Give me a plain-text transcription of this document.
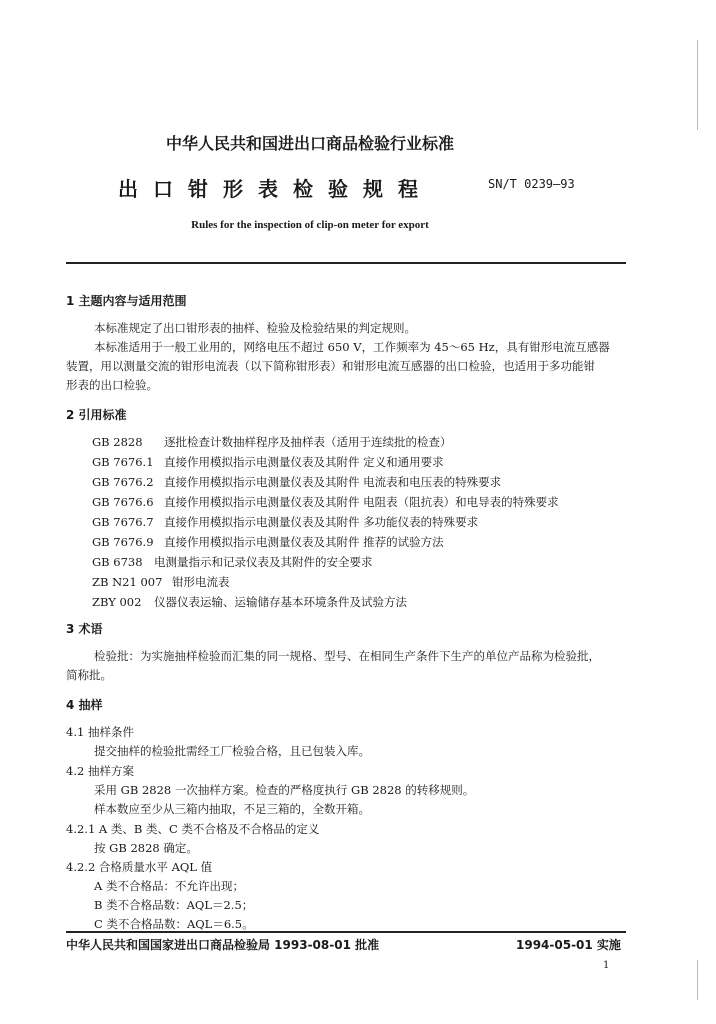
中华人民共和国进出口商品检验行业标准
出口钳形表检验规程	SN/T 0239—93
Rules for the inspection of clip-on meter for export
1 主题内容与适用范围
本标准规定了出口钳形表的抽样、检验及检验结果的判定规则。
本标准适用于一般工业用的，网络电压不超过 650 V，工作频率为 45～65 Hz，具有钳形电流互感器
装置，用以测量交流的钳形电流表（以下简称钳形表）和钳形电流互感器的出口检验，也适用于多功能钳
形表的出口检验。
2 引用标准
GB 2828 逐批检查计数抽样程序及抽样表（适用于连续批的检查）
GB 7676.1 直接作用模拟指示电测量仪表及其附件 定义和通用要求
GB 7676.2 直接作用模拟指示电测量仪表及其附件 电流表和电压表的特殊要求
GB 7676.6 直接作用模拟指示电测量仪表及其附件 电阻表（阻抗表）和电导表的特殊要求
GB 7676.7 直接作用模拟指示电测量仪表及其附件 多功能仪表的特殊要求
GB 7676.9 直接作用模拟指示电测量仪表及其附件 推荐的试验方法
GB 6738 电测量指示和记录仪表及其附件的安全要求
ZB N21 007 钳形电流表
ZBY 002 仪器仪表运输、运输储存基本环境条件及试验方法
3 术语
检验批：为实施抽样检验而汇集的同一规格、型号、在相同生产条件下生产的单位产品称为检验批，
简称批。
4 抽样
4.1 抽样条件
提交抽样的检验批需经工厂检验合格，且已包装入库。
4.2 抽样方案
采用 GB 2828 一次抽样方案。检查的严格度执行 GB 2828 的转移规则。
样本数应至少从三箱内抽取，不足三箱的，全数开箱。
4.2.1 A 类、B 类、C 类不合格及不合格品的定义
按 GB 2828 确定。
4.2.2 合格质量水平 AQL 值
A 类不合格品：不允许出现；
B 类不合格品数：AQL＝2.5；
C 类不合格品数：AQL＝6.5。
中华人民共和国国家进出口商品检验局 1993-08-01 批准	1994-05-01 实施
1
